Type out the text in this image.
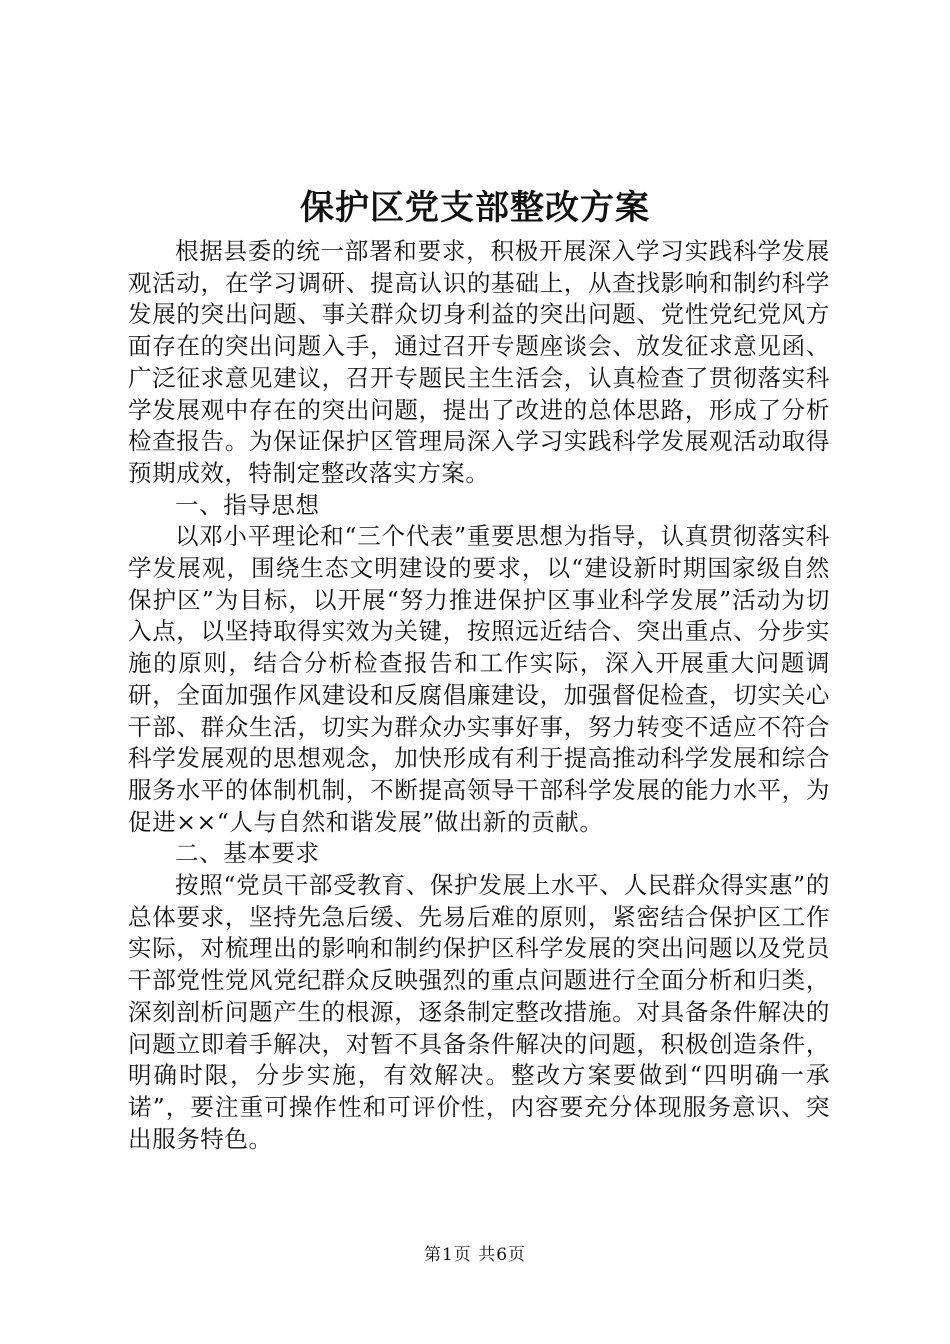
保护区党支部整改方案

根据县委的统一部署和要求，积极开展深入学习实践科学发展观活动，在学习调研、提高认识的基础上，从查找影响和制约科学发展的突出问题、事关群众切身利益的突出问题、党性党纪党风方面存在的突出问题入手，通过召开专题座谈会、放发征求意见函、广泛征求意见建议，召开专题民主生活会，认真检查了贯彻落实科学发展观中存在的突出问题，提出了改进的总体思路，形成了分析检查报告。为保证保护区管理局深入学习实践科学发展观活动取得预期成效，特制定整改落实方案。

一、指导思想

以邓小平理论和“三个代表”重要思想为指导，认真贯彻落实科学发展观，围绕生态文明建设的要求，以“建设新时期国家级自然保护区”为目标，以开展“努力推进保护区事业科学发展”活动为切入点，以坚持取得实效为关键，按照远近结合、突出重点、分步实施的原则，结合分析检查报告和工作实际，深入开展重大问题调研，全面加强作风建设和反腐倡廉建设，加强督促检查，切实关心干部、群众生活，切实为群众办实事好事，努力转变不适应不符合科学发展观的思想观念，加快形成有利于提高推动科学发展和综合服务水平的体制机制，不断提高领导干部科学发展的能力水平，为促进××“人与自然和谐发展”做出新的贡献。

二、基本要求

按照“党员干部受教育、保护发展上水平、人民群众得实惠”的总体要求，坚持先急后缓、先易后难的原则，紧密结合保护区工作实际，对梳理出的影响和制约保护区科学发展的突出问题以及党员干部党性党风党纪群众反映强烈的重点问题进行全面分析和归类，深刻剖析问题产生的根源，逐条制定整改措施。对具备条件解决的问题立即着手解决，对暂不具备条件解决的问题，积极创造条件，明确时限，分步实施，有效解决。整改方案要做到“四明确一承诺”，要注重可操作性和可评价性，内容要充分体现服务意识、突出服务特色。

第1页 共6页
